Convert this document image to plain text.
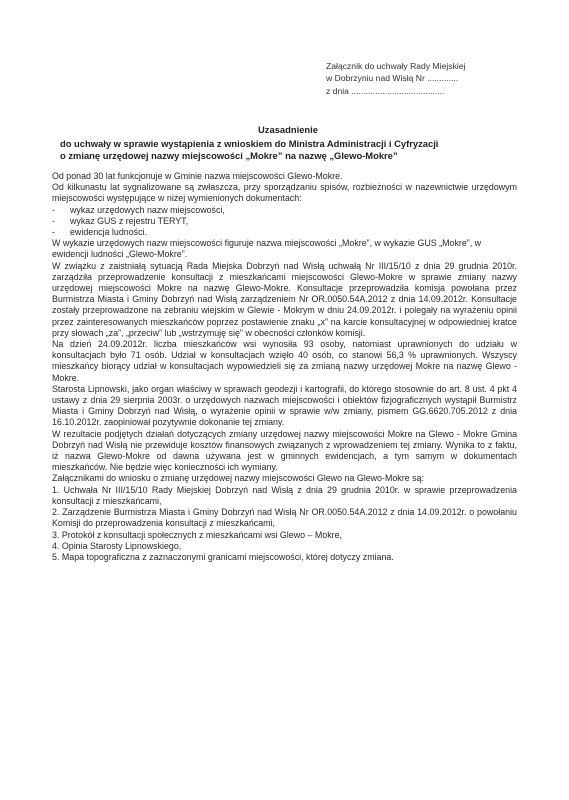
Załącznik do uchwały Rady Miejskiej
w Dobrzyniu nad Wisłą Nr .............
z dnia .......................................
Uzasadnienie
do uchwały w sprawie wystąpienia z wnioskiem do Ministra Administracji i Cyfryzacji
o zmianę urzędowej nazwy miejscowości „Mokre” na nazwę „Glewo-Mokre”

Od ponad 30 lat funkcjonuje w Gminie nazwa miejscowości Glewo-Mokre.

Od kilkunastu lat sygnalizowane są zwłaszcza, przy sporządzaniu spisów, rozbieżności w nazewnictwie urzędowym miejscowości występujące w niżej wymienionych dokumentach:

-	wykaz urzędowych nazw miejscowości,
-	wykaz GUS z rejestru TERYT,
-	ewidencja ludności.

W wykazie urzędowych nazw miejscowości figuruje nazwa miejscowości „Mokre”, w wykazie GUS „Mokre”, w ewidencji ludności „Glewo-Mokre”.

W związku z zaistniałą sytuacją Rada Miejska Dobrzyń nad Wisłą uchwałą Nr III/15/10 z dnia 29 grudnia 2010r. zarządziła przeprowadzenie konsultacji z mieszkańcami miejscowości Glewo-Mokre w sprawie zmiany nazwy urzędowej miejscowości Mokre na nazwę Glewo-Mokre. Konsultacje przeprowadziła komisja powołana przez Burmistrza Miasta i Gminy Dobrzyń nad Wisłą zarządzeniem Nr OR.0050.54A.2012 z dnia 14.09.2012r. Konsultacje zostały przeprowadzone na zebraniu wiejskim w Glewie - Mokrym w dniu 24.09.2012r. i polegały na wyrażeniu opinii przez zainteresowanych mieszkańców poprzez postawienie znaku „x” na karcie konsultacyjnej w odpowiedniej kratce przy słowach „za”, „przeciw” lub „wstrzymuję się” w obecności członków komisji.

Na dzień 24.09.2012r. liczba mieszkańców wsi wynosiła 93 osoby, natomiast uprawnionych do udziału w konsultacjach było 71 osób. Udział w konsultacjach wzięło 40 osób, co stanowi 56,3 % uprawnionych. Wszyscy mieszkańcy biorący udział w konsultacjach wypowiedzieli się za zmianą nazwy urzędowej Mokre na nazwę Glewo - Mokre.

Starosta Lipnowski, jako organ właściwy w sprawach geodezji i kartografii, do którego stosownie do art. 8 ust. 4 pkt 4 ustawy z dnia 29 sierpnia 2003r. o urzędowych nazwach miejscowości i obiektów fizjograficznych wystąpił Burmistrz Miasta i Gminy Dobrzyń nad Wisłą, o wyrażenie opinii w sprawie w/w zmiany, pismem GG.6620.705.2012 z dnia 16.10.2012r. zaopiniował pozytywnie dokonanie tej zmiany.

W rezultacie podjętych działań dotyczących zmiany urzędowej nazwy miejscowości Mokre na Glewo - Mokre Gmina Dobrzyń nad Wisłą nie przewiduje kosztów finansowych związanych z wprowadzeniem tej zmiany. Wynika to z faktu, iż nazwa Glewo-Mokre od dawna używana jest w gminnych ewidencjach, a tym samym w dokumentach mieszkańców. Nie będzie więc konieczności ich wymiany.

Załącznikami do wniosku o zmianę urzędowej nazwy miejscowości Glewo na Glewo-Mokre są:

1. Uchwała Nr III/15/10 Rady Miejskiej Dobrzyń nad Wisłą z dnia 29 grudnia 2010r. w sprawie przeprowadzenia konsultacji z mieszkańcami,
2. Zarządzenie Burmistrza Miasta i Gminy Dobrzyń nad Wisłą Nr OR.0050.54A.2012 z dnia 14.09.2012r. o powołaniu Komisji do przeprowadzenia konsultacji z mieszkańcami,
3. Protokół z konsultacji społecznych z mieszkańcami wsi Glewo – Mokre,
4. Opinia Starosty Lipnowskiego,
5. Mapa topograficzna z zaznaczonymi granicami miejscowości, której dotyczy zmiana.
